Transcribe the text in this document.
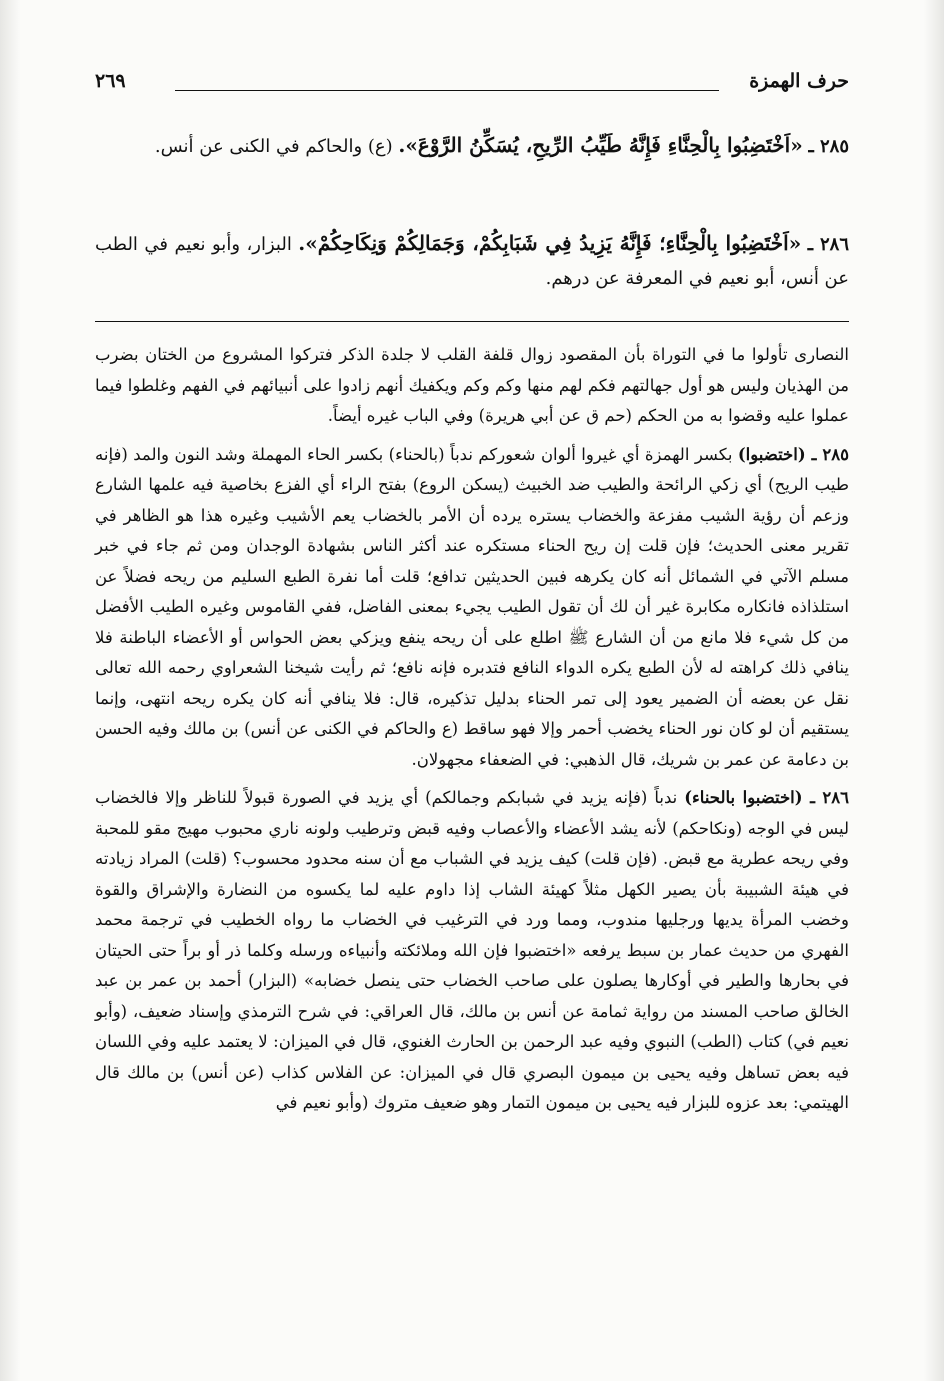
حرف الهمزة
٢٦٩
٢٨٥ ـ «اَخْتَضِبُوا بِالْحِنَّاءِ فَإِنَّهُ طَيِّبُ الرِّيحِ، يُسَكِّنُ الرَّوْعَ». (ع) والحاكم في الكنى عن أنس.
٢٨٦ ـ «اَخْتَضِبُوا بِالْحِنَّاءِ؛ فَإِنَّهُ يَزِيدُ فِي شَبَابِكُمْ، وَجَمَالِكُمْ وَنِكَاحِكُمْ». البزار، وأبو نعيم في الطب عن أنس، أبو نعيم في المعرفة عن درهم.

النصارى تأولوا ما في التوراة بأن المقصود زوال قلفة القلب لا جلدة الذكر فتركوا المشروع من الختان بضرب من الهذيان وليس هو أول جهالتهم فكم لهم منها وكم وكم ويكفيك أنهم زادوا على أنبيائهم في الفهم وغلطوا فيما عملوا عليه وقضوا به من الحكم (حم ق عن أبي هريرة) وفي الباب غيره أيضاً.

٢٨٥ ـ (اختضبوا) بكسر الهمزة أي غيروا ألوان شعوركم ندباً (بالحناء) بكسر الحاء المهملة وشد النون والمد (فإنه طيب الريح) أي زكي الرائحة والطيب ضد الخبيث (يسكن الروع) بفتح الراء أي الفزع بخاصية فيه علمها الشارع وزعم أن رؤية الشيب مفزعة والخضاب يستره يرده أن الأمر بالخضاب يعم الأشيب وغيره هذا هو الظاهر في تقرير معنى الحديث؛ فإن قلت إن ريح الحناء مستكره عند أكثر الناس بشهادة الوجدان ومن ثم جاء في خبر مسلم الآتي في الشمائل أنه كان يكرهه فبين الحديثين تدافع؛ قلت أما نفرة الطبع السليم من ريحه فضلاً عن استلذاذه فانكاره مكابرة غير أن لك أن تقول الطيب يجيء بمعنى الفاضل، ففي القاموس وغيره الطيب الأفضل من كل شيء فلا مانع من أن الشارع ﷺ اطلع على أن ريحه ينفع ويزكي بعض الحواس أو الأعضاء الباطنة فلا ينافي ذلك كراهته له لأن الطبع يكره الدواء النافع فتدبره فإنه نافع؛ ثم رأيت شيخنا الشعراوي رحمه الله تعالى نقل عن بعضه أن الضمير يعود إلى تمر الحناء بدليل تذكيره، قال: فلا ينافي أنه كان يكره ريحه انتهى، وإنما يستقيم أن لو كان نور الحناء يخضب أحمر وإلا فهو ساقط (ع والحاكم في الكنى عن أنس) بن مالك وفيه الحسن بن دعامة عن عمر بن شريك، قال الذهبي: في الضعفاء مجهولان.

٢٨٦ ـ (اختضبوا بالحناء) ندباً (فإنه يزيد في شبابكم وجمالكم) أي يزيد في الصورة قبولاً للناظر وإلا فالخضاب ليس في الوجه (ونكاحكم) لأنه يشد الأعضاء والأعصاب وفيه قبض وترطيب ولونه ناري محبوب مهيج مقو للمحبة وفي ريحه عطرية مع قبض. (فإن قلت) كيف يزيد في الشباب مع أن سنه محدود محسوب؟ (قلت) المراد زيادته في هيئة الشبيبة بأن يصير الكهل مثلاً كهيئة الشاب إذا داوم عليه لما يكسوه من النضارة والإشراق والقوة وخضب المرأة يديها ورجليها مندوب، ومما ورد في الترغيب في الخضاب ما رواه الخطيب في ترجمة محمد الفهري من حديث عمار بن سبط يرفعه «اختضبوا فإن الله وملائكته وأنبياءه ورسله وكلما ذر أو براً حتى الحيتان في بحارها والطير في أوكارها يصلون على صاحب الخضاب حتى ينصل خضابه» (البزار) أحمد بن عمر بن عبد الخالق صاحب المسند من رواية ثمامة عن أنس بن مالك، قال العراقي: في شرح الترمذي وإسناد ضعيف، (وأبو نعيم في) كتاب (الطب) النبوي وفيه عبد الرحمن بن الحارث الغنوي، قال في الميزان: لا يعتمد عليه وفي اللسان فيه بعض تساهل وفيه يحيى بن ميمون البصري قال في الميزان: عن الفلاس كذاب (عن أنس) بن مالك قال الهيتمي: بعد عزوه للبزار فيه يحيى بن ميمون التمار وهو ضعيف متروك (وأبو نعيم في
